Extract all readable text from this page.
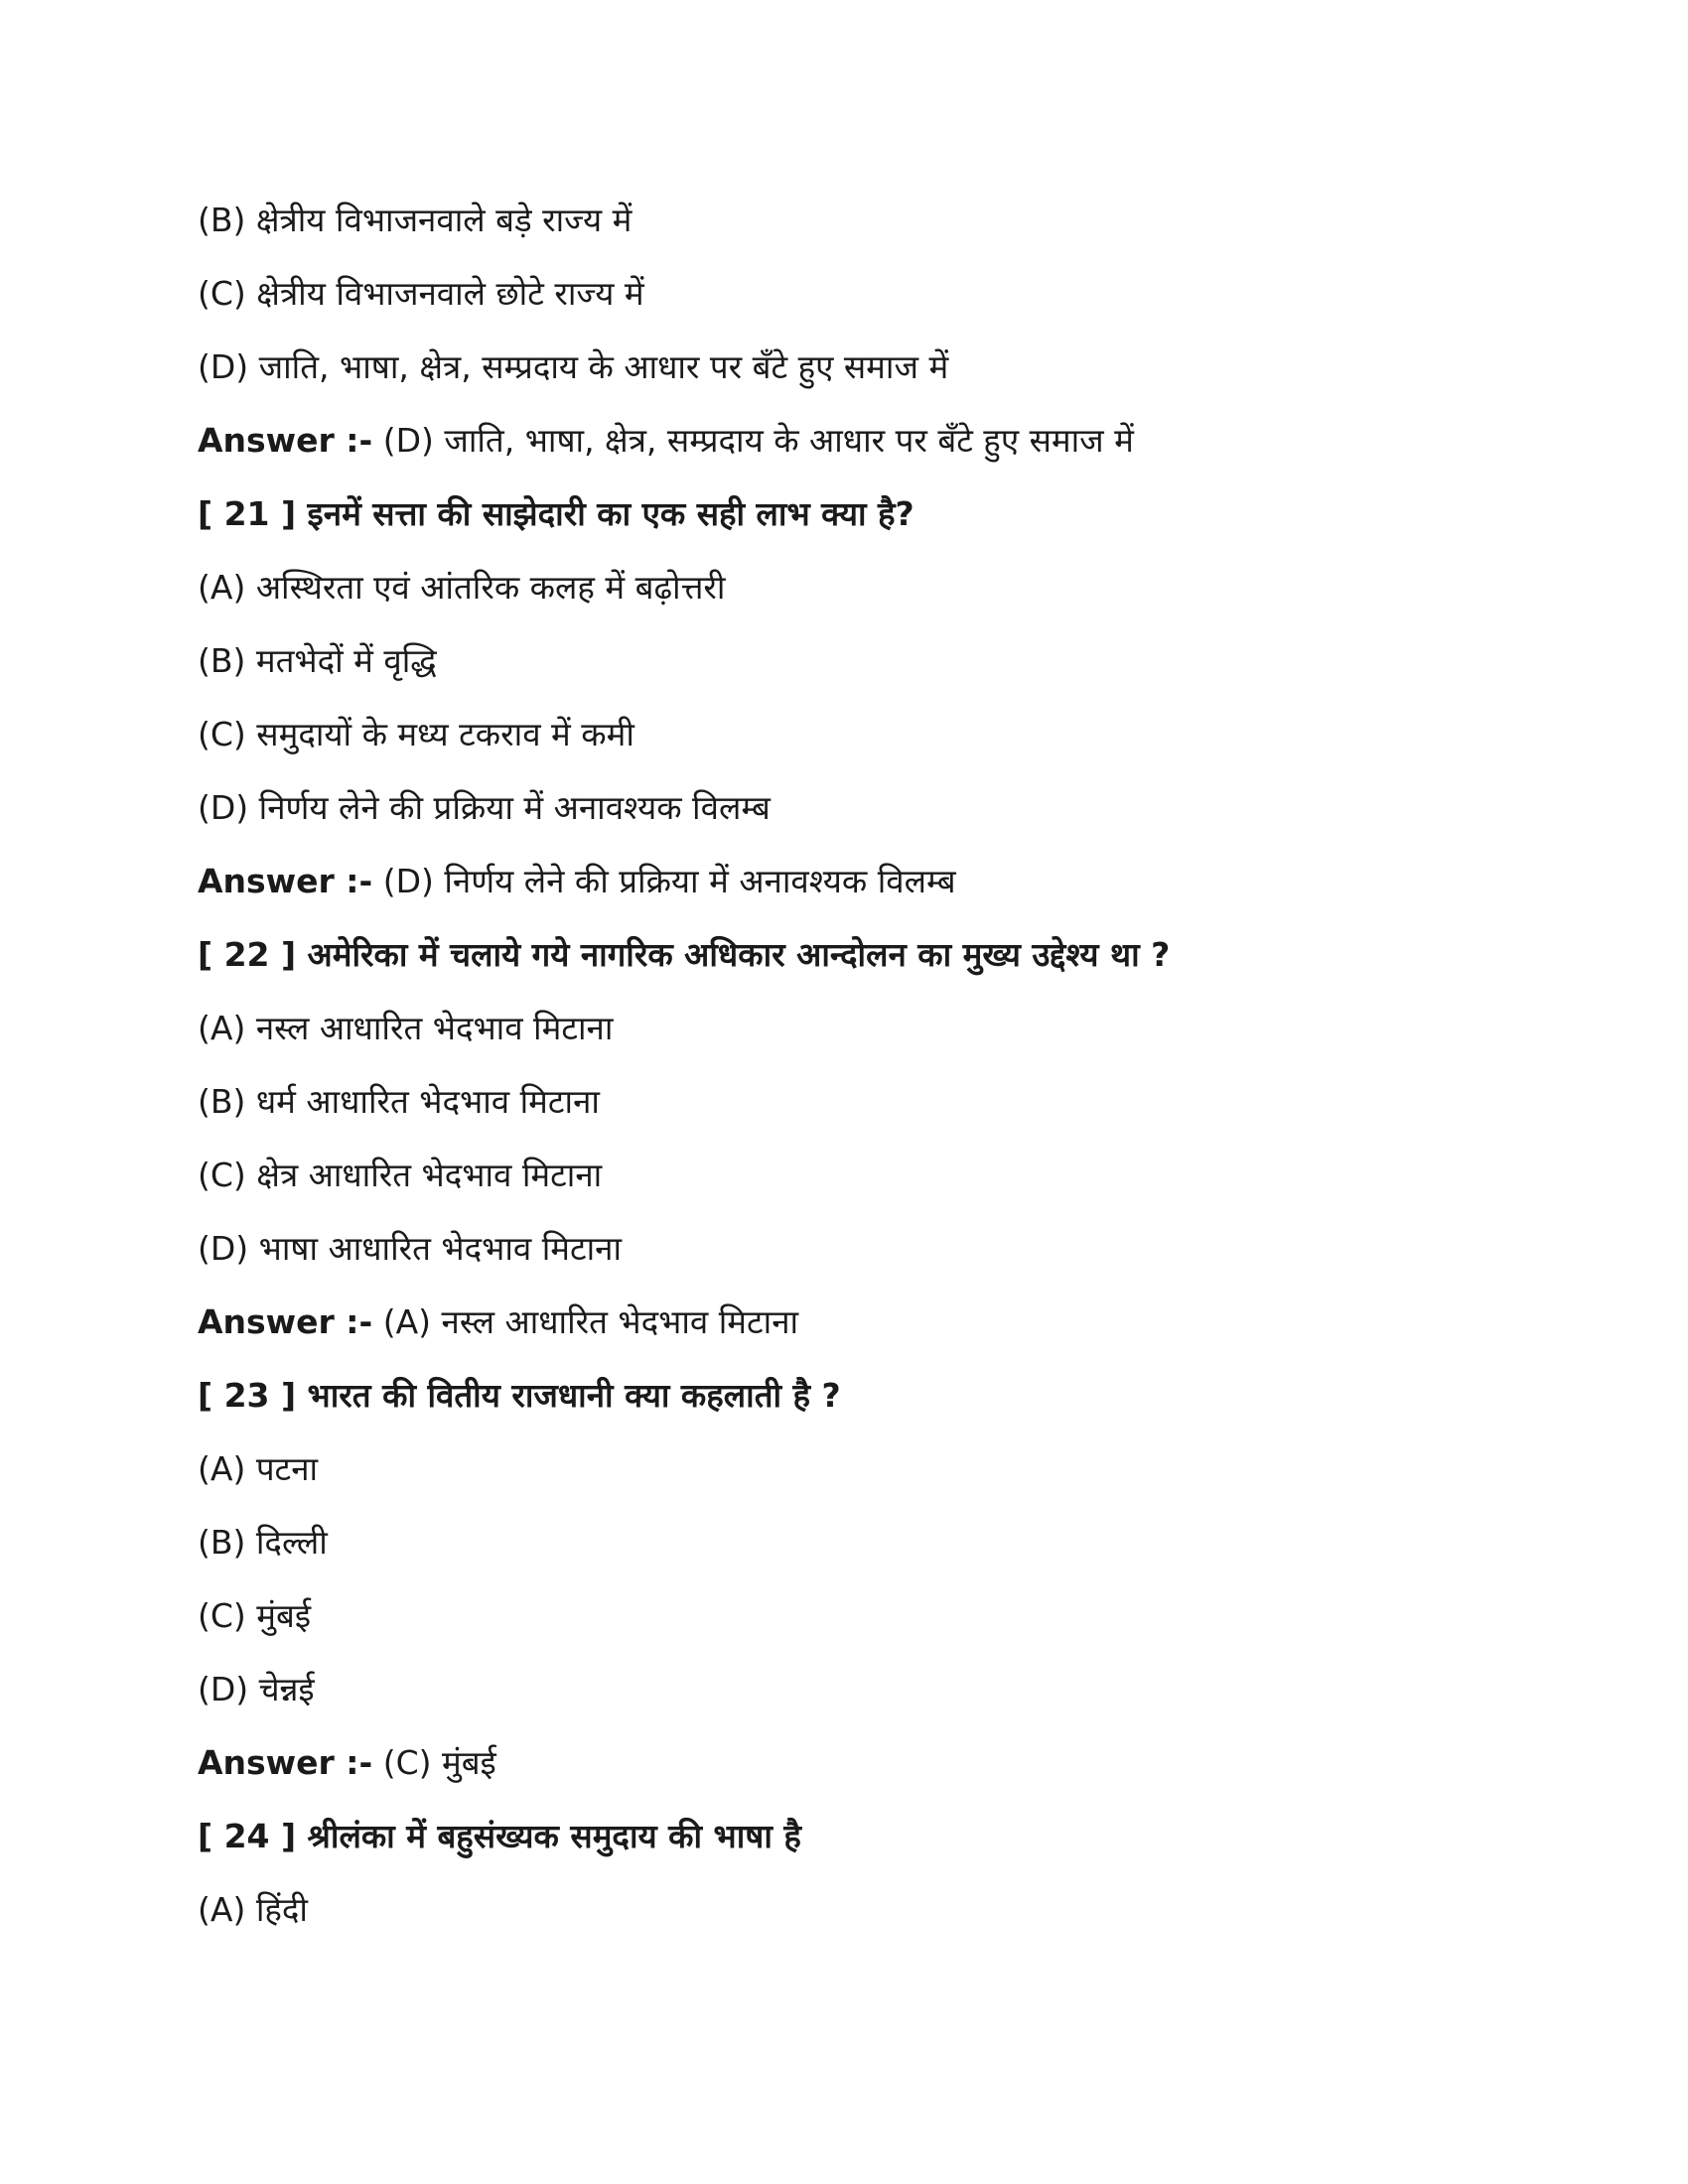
(B) क्षेत्रीय विभाजनवाले बड़े राज्य में
(C) क्षेत्रीय विभाजनवाले छोटे राज्य में
(D) जाति, भाषा, क्षेत्र, सम्प्रदाय के आधार पर बँटे हुए समाज में
Answer :- (D) जाति, भाषा, क्षेत्र, सम्प्रदाय के आधार पर बँटे हुए समाज में
[ 21 ] इनमें सत्ता की साझेदारी का एक सही लाभ क्या है?
(A) अस्थिरता एवं आंतरिक कलह में बढ़ोत्तरी
(B) मतभेदों में वृद्धि
(C) समुदायों के मध्य टकराव में कमी
(D) निर्णय लेने की प्रक्रिया में अनावश्यक विलम्ब
Answer :- (D) निर्णय लेने की प्रक्रिया में अनावश्यक विलम्ब
[ 22 ] अमेरिका में चलाये गये नागरिक अधिकार आन्दोलन का मुख्य उद्देश्य था ?
(A) नस्ल आधारित भेदभाव मिटाना
(B) धर्म आधारित भेदभाव मिटाना
(C) क्षेत्र आधारित भेदभाव मिटाना
(D) भाषा आधारित भेदभाव मिटाना
Answer :- (A) नस्ल आधारित भेदभाव मिटाना
[ 23 ] भारत की वितीय राजधानी क्या कहलाती है ?
(A) पटना
(B) दिल्ली
(C) मुंबई
(D) चेन्नई
Answer :- (C) मुंबई
[ 24 ] श्रीलंका में बहुसंख्यक समुदाय की भाषा है
(A) हिंदी
